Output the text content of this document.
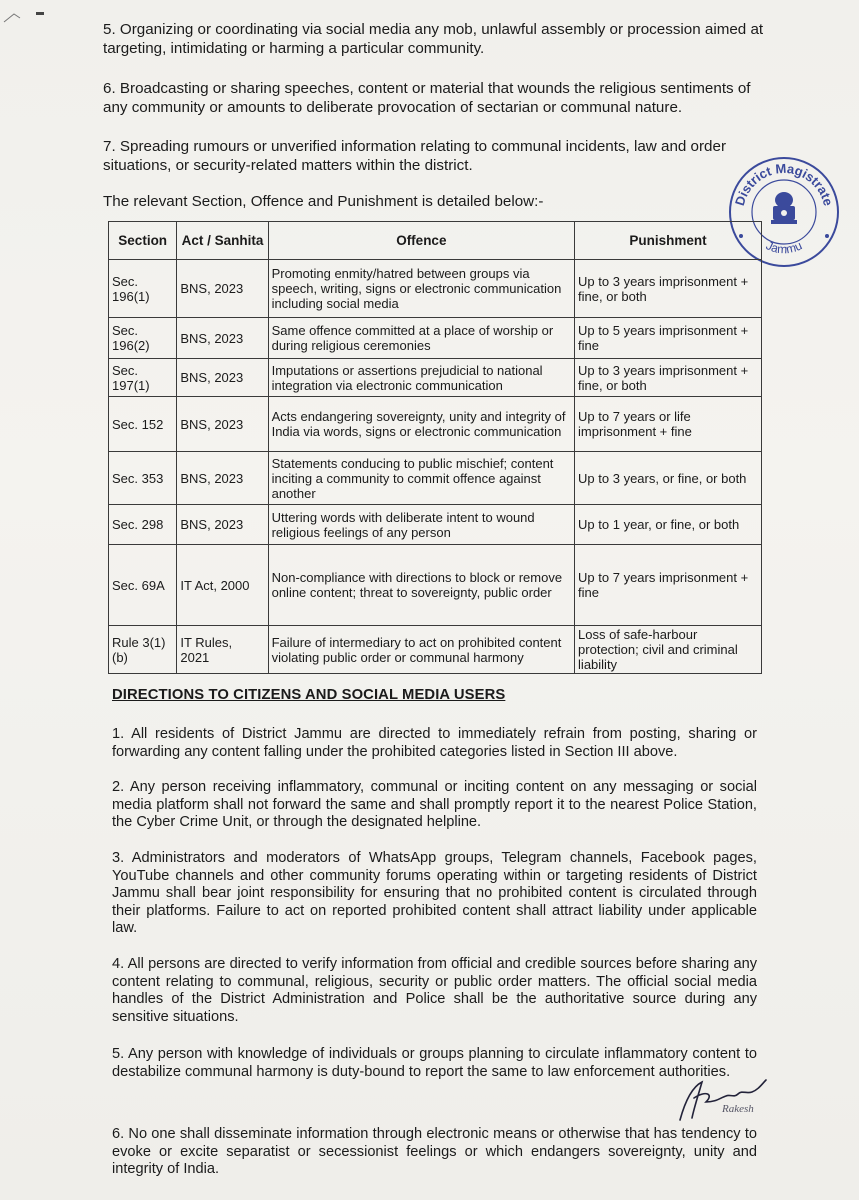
5. Organizing or coordinating via social media any mob, unlawful assembly or procession aimed at targeting, intimidating or harming a particular community.

6. Broadcasting or sharing speeches, content or material that wounds the religious sentiments of any community or amounts to deliberate provocation of sectarian or communal nature.

7. Spreading rumours or unverified information relating to communal incidents, law and order situations, or security-related matters within the district.

The relevant Section, Offence and Punishment is detailed below:-	District Magistrate
Jammu
Section	Act / Sanhita	Offence	Punishment
Sec. 196(1)	BNS, 2023	Promoting enmity/hatred between groups via speech, writing, signs or electronic communication including social media	Up to 3 years imprisonment + fine, or both
Sec. 196(2)	BNS, 2023	Same offence committed at a place of worship or during religious ceremonies	Up to 5 years imprisonment + fine
Sec. 197(1)	BNS, 2023	Imputations or assertions prejudicial to national integration via electronic communication	Up to 3 years imprisonment + fine, or both
Sec. 152	BNS, 2023	Acts endangering sovereignty, unity and integrity of India via words, signs or electronic communication	Up to 7 years or life imprisonment + fine
Sec. 353	BNS, 2023	Statements conducing to public mischief; content inciting a community to commit offence against another	Up to 3 years, or fine, or both
Sec. 298	BNS, 2023	Uttering words with deliberate intent to wound religious feelings of any person	Up to 1 year, or fine, or both
Sec. 69A	IT Act, 2000	Non-compliance with directions to block or remove online content; threat to sovereignty, public order	Up to 7 years imprisonment + fine
Rule 3(1)(b)	IT Rules, 2021	Failure of intermediary to act on prohibited content violating public order or communal harmony	Loss of safe-harbour protection; civil and criminal liability

DIRECTIONS TO CITIZENS AND SOCIAL MEDIA USERS

1. All residents of District Jammu are directed to immediately refrain from posting, sharing or forwarding any content falling under the prohibited categories listed in Section III above.

2. Any person receiving inflammatory, communal or inciting content on any messaging or social media platform shall not forward the same and shall promptly report it to the nearest Police Station, the Cyber Crime Unit, or through the designated helpline.

3. Administrators and moderators of WhatsApp groups, Telegram channels, Facebook pages, YouTube channels and other community forums operating within or targeting residents of District Jammu shall bear joint responsibility for ensuring that no prohibited content is circulated through their platforms. Failure to act on reported prohibited content shall attract liability under applicable law.

4. All persons are directed to verify information from official and credible sources before sharing any content relating to communal, religious, security or public order matters. The official social media handles of the District Administration and Police shall be the authoritative source during any sensitive situations.

5. Any person with knowledge of individuals or groups planning to circulate inflammatory content to destabilize communal harmony is duty-bound to report the same to law enforcement authorities.

Rakesh

6. No one shall disseminate information through electronic means or otherwise that has tendency to evoke or excite separatist or secessionist feelings or which endangers sovereignty, unity and integrity of India.
